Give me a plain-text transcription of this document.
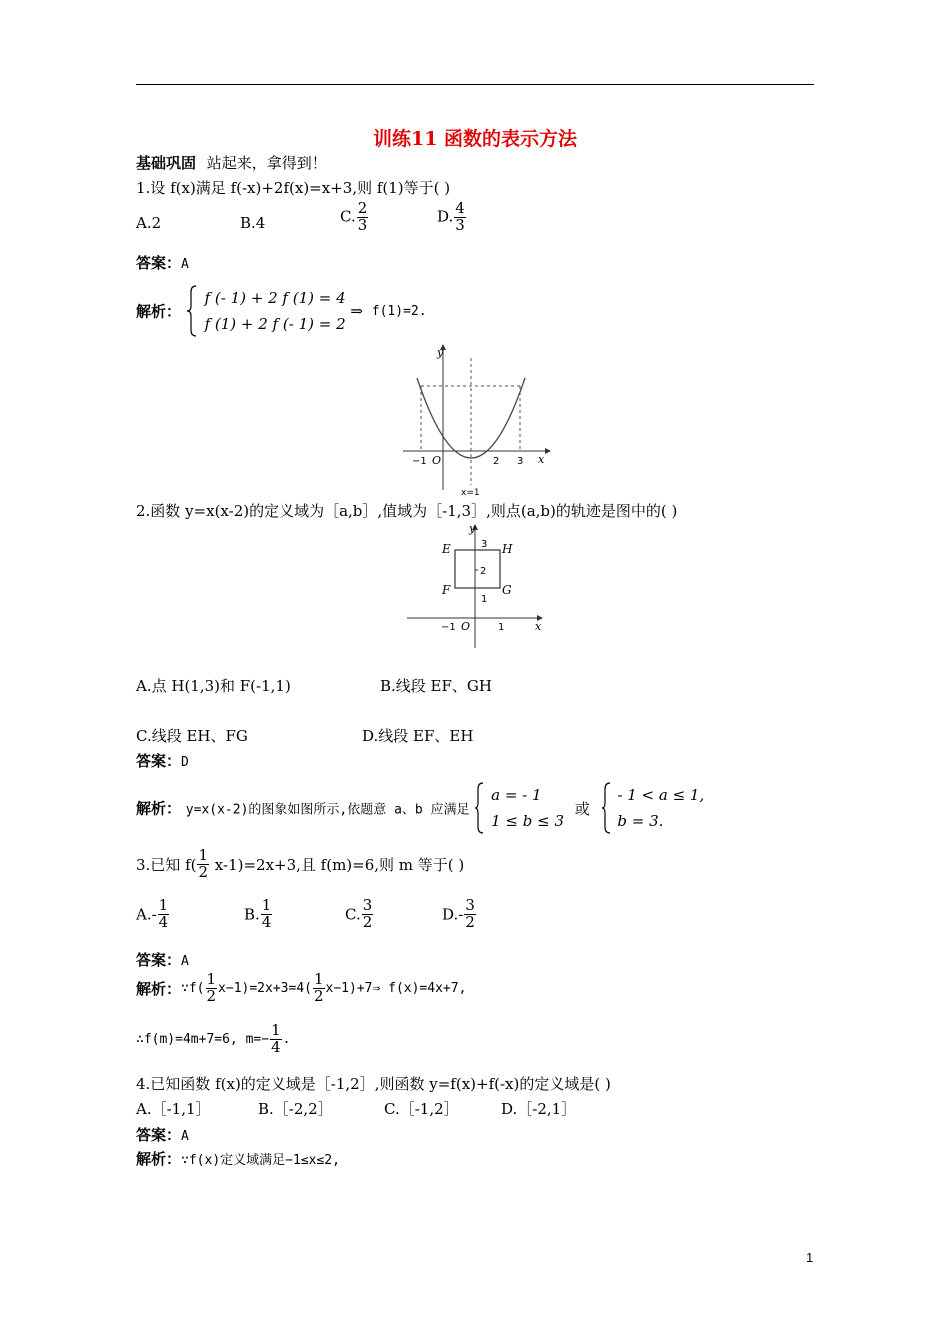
训练11 函数的表示方法
基础巩固 站起来，拿得到！
1.设 f(x)满足 f(-x)+2f(x)=x+3,则 f(1)等于( )
A.2	B.4	C. $\frac{2}{3}$	D. $\frac{4}{3}$
答案：A
解析：
f (- 1) + 2 f (1) = 4
f (1) + 2 f (- 1) = 2
⇒ f(1)=2.
y
x
O
−1	2 3
x=1
2.函数 y=x(x-2)的定义域为［a,b］,值域为［-1,3］,则点(a,b)的轨迹是图中的( )
y
x
O
E	H
F	G
3
2
1
−1	1
A.点 H(1,3)和 F(-1,1)	B.线段 EF、GH
C.线段 EH、FG	D.线段 EF、EH
答案：D
解析： y=x(x-2)的图象如图所示,依题意 a、b 应满足
a = - 1
1 ≤ b ≤ 3
或
- 1 < a ≤ 1,
b = 3.
3.已知 $f( \frac{1}{2} x-1)=2x+3$,且 f(m)=6,则 m 等于( )
$A.- \frac{1}{4}$	B. $\frac{1}{4}$	C. $\frac{3}{2}$	$D.- \frac{3}{2}$
答案：A
解析：∵f( $\frac{1}{2} x-1)=2x+3=4( \frac{1}{2}$ x−1)+7⇒ f(x)=4x+7,
∴f(m)=4m+7=6, $m=- \frac{1}{4}$ .
4.已知函数 f(x)的定义域是［-1,2］,则函数 y=f(x)+f(-x)的定义域是( )
A.［-1,1］	B.［-2,2］	C.［-1,2］	D.［-2,1］
答案：A
解析：∵f(x)定义域满足−1≤x≤2,
1
